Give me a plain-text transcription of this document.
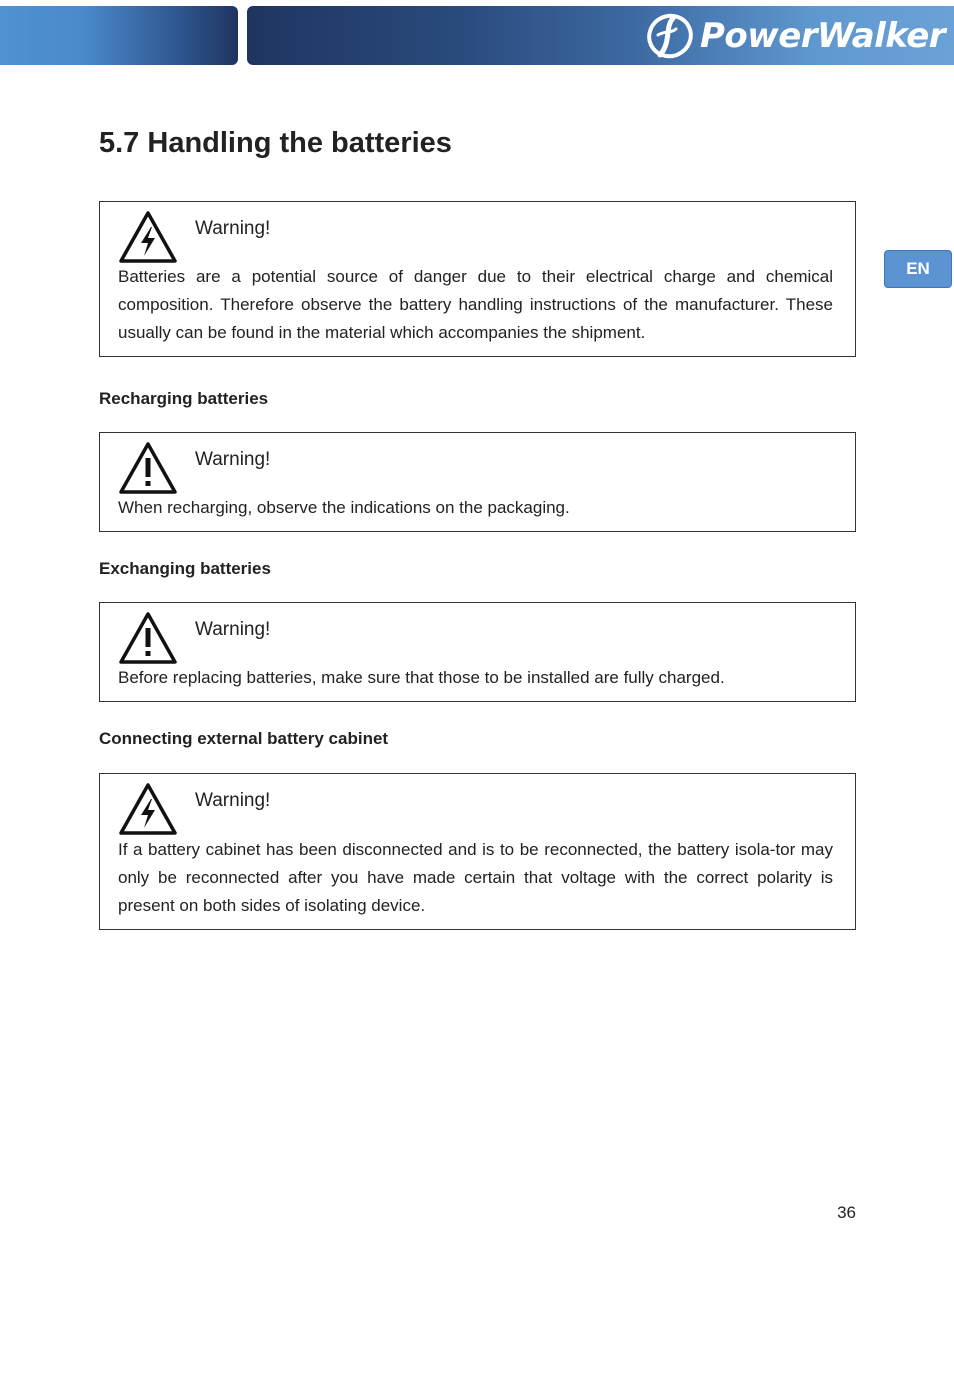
PowerWalker
EN
5.7 Handling the batteries
Warning!
Batteries are a potential source of danger due to their electrical charge and chemical composition. Therefore observe the battery handling instructions of the manufacturer. These usually can be found in the material which accompanies the shipment.
Recharging batteries
Warning!
When recharging, observe the indications on the packaging.
Exchanging batteries
Warning!
Before replacing batteries, make sure that those to be installed are fully charged.
Connecting external battery cabinet
Warning!
If a battery cabinet has been disconnected and is to be reconnected, the battery isola-tor may only be reconnected after you have made certain that voltage with the correct polarity is present on both sides of isolating device.
36
